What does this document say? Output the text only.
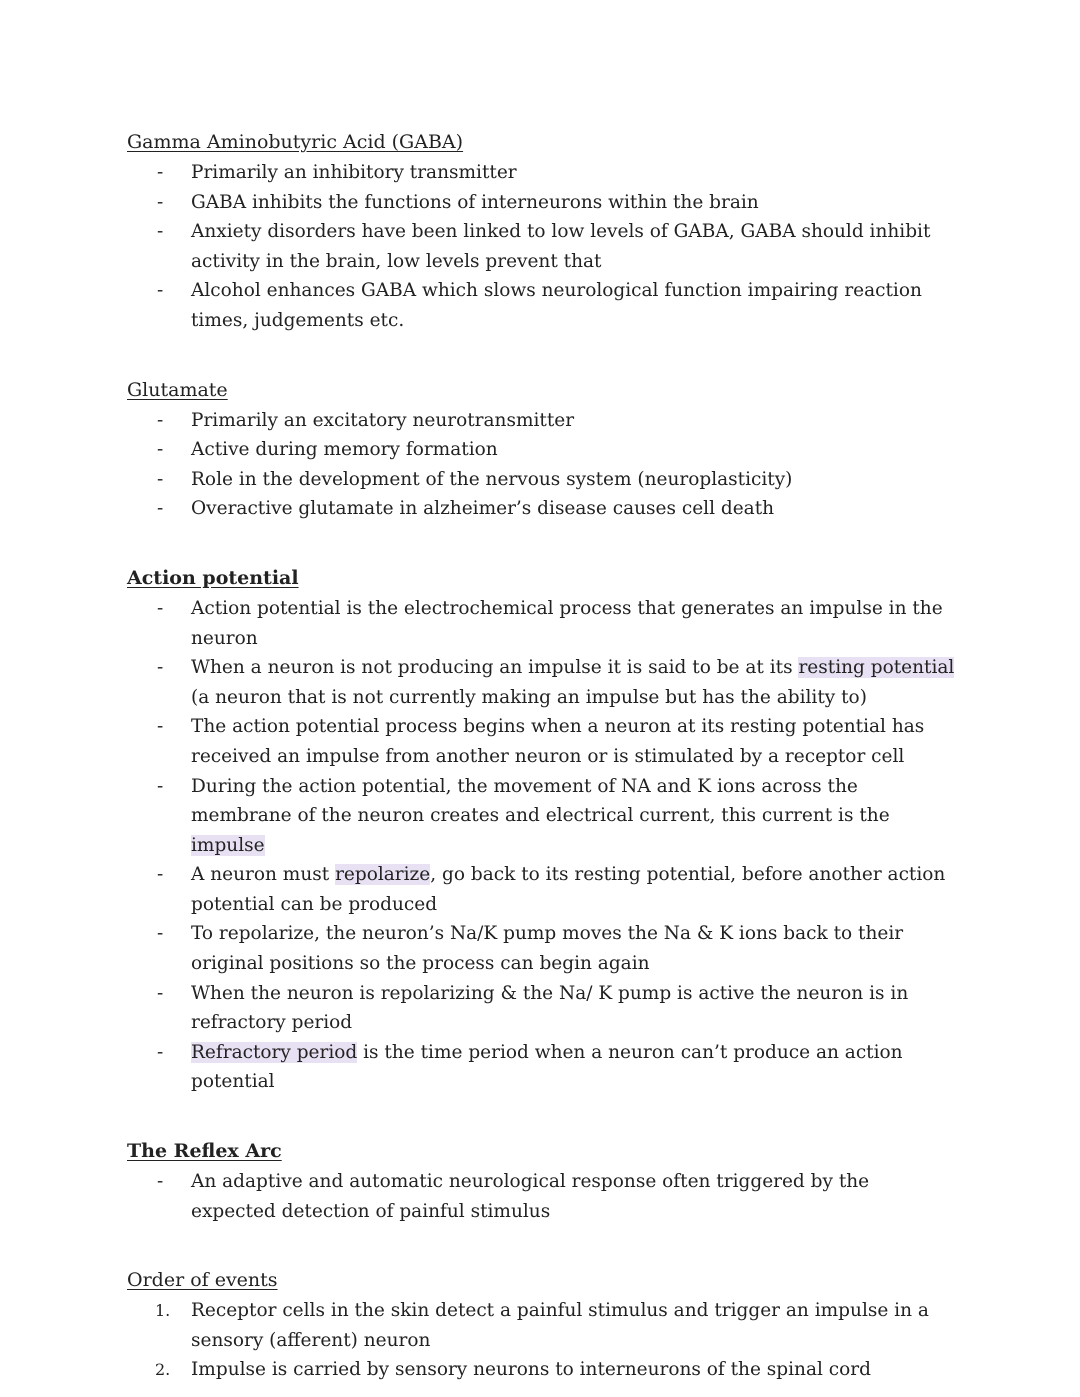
Gamma Aminobutyric Acid (GABA)

- Primarily an inhibitory transmitter
- GABA inhibits the functions of interneurons within the brain
- Anxiety disorders have been linked to low levels of GABA, GABA should inhibit activity in the brain, low levels prevent that
- Alcohol enhances GABA which slows neurological function impairing reaction times, judgements etc.

Glutamate

- Primarily an excitatory neurotransmitter
- Active during memory formation
- Role in the development of the nervous system (neuroplasticity)
- Overactive glutamate in alzheimer’s disease causes cell death

Action potential

- Action potential is the electrochemical process that generates an impulse in the neuron
- When a neuron is not producing an impulse it is said to be at its resting potential (a neuron that is not currently making an impulse but has the ability to)
- The action potential process begins when a neuron at its resting potential has received an impulse from another neuron or is stimulated by a receptor cell
- During the action potential, the movement of NA and K ions across the membrane of the neuron creates and electrical current, this current is the impulse
- A neuron must repolarize, go back to its resting potential, before another action potential can be produced
- To repolarize, the neuron’s Na/K pump moves the Na & K ions back to their original positions so the process can begin again
- When the neuron is repolarizing & the Na/ K pump is active the neuron is in refractory period
- Refractory period is the time period when a neuron can’t produce an action potential

The Reflex Arc

- An adaptive and automatic neurological response often triggered by the expected detection of painful stimulus

Order of events

1. Receptor cells in the skin detect a painful stimulus and trigger an impulse in a sensory (afferent) neuron
2. Impulse is carried by sensory neurons to interneurons of the spinal cord
